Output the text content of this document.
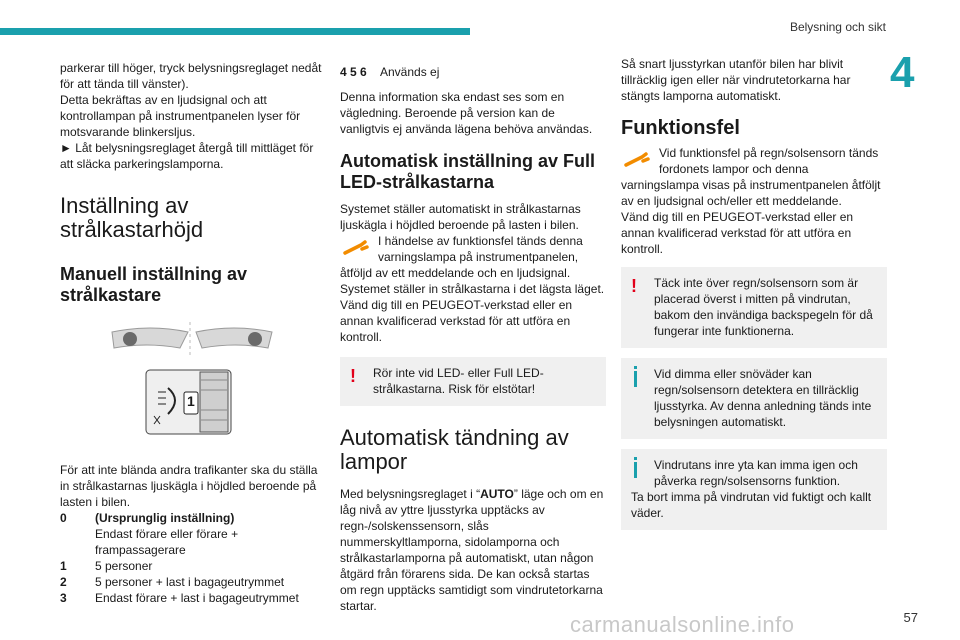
Belysning och sikt
4

parkerar till höger, tryck belysningsreglaget nedåt för att tända till vänster).

Detta bekräftas av en ljudsignal och att kontrollampan på instrumentpanelen lyser för motsvarande blinkersljus.

► Låt belysningsreglaget återgå till mittläget för att släcka parkeringslamporna.

Inställning av strålkastarhöjd
Manuell inställning av strålkastare
1

För att inte blända andra trafikanter ska du ställa in strålkastarnas ljuskägla i höjdled beroende på lasten i bilen.

0	(Ursprunglig inställning)
Endast förare eller förare + frampassagerare
1	5 personer
2	5 personer + last i bagageutrymmet
3	Endast förare + last i bagageutrymmet
4 5 6	Används ej

Denna information ska endast ses som en vägledning. Beroende på version kan de vanligtvis ej använda lägena behöva användas.

Automatisk inställning av Full LED-strålkastarna

Systemet ställer automatiskt in strålkastarnas ljuskägla i höjdled beroende på lasten i bilen.

I händelse av funktionsfel tänds denna varningslampa på instrumentpanelen, åtföljd av ett meddelande och en ljudsignal.

Systemet ställer in strålkastarna i det lägsta läget.

Vänd dig till en PEUGEOT-verkstad eller en annan kvalificerad verkstad för att utföra en kontroll.

! Rör inte vid LED- eller Full LED-strålkastarna. Risk för elstötar!

Automatisk tändning av lampor

Med belysningsreglaget i “AUTO” läge och om en låg nivå av yttre ljusstyrka upptäcks av regn-/solskenssensorn, slås nummerskyltlamporna, sidolamporna och strålkastarlamporna på automatiskt, utan någon åtgärd från förarens sida. De kan också startas om regn upptäcks samtidigt som vindrutetorkarna startar.

Så snart ljusstyrkan utanför bilen har blivit tillräcklig igen eller när vindrutetorkarna har stängts lamporna automatiskt.

Funktionsfel

Vid funktionsfel på regn/solsensorn tänds fordonets lampor och denna varningslampa visas på instrumentpanelen åtföljt av en ljudsignal och/eller ett meddelande.

Vänd dig till en PEUGEOT-verkstad eller en annan kvalificerad verkstad för att utföra en kontroll.

! Täck inte över regn/solsensorn som är placerad överst i mitten på vindrutan, bakom den invändiga backspegeln för då fungerar inte funktionerna.

Vid dimma eller snöväder kan regn/solsensorn detektera en tillräcklig ljusstyrka. Av denna anledning tänds inte belysningen automatiskt.

Vindrutans inre yta kan imma igen och påverka regn/solsensorns funktion.

Ta bort imma på vindrutan vid fuktigt och kallt väder.

carmanualsonline.info	57
